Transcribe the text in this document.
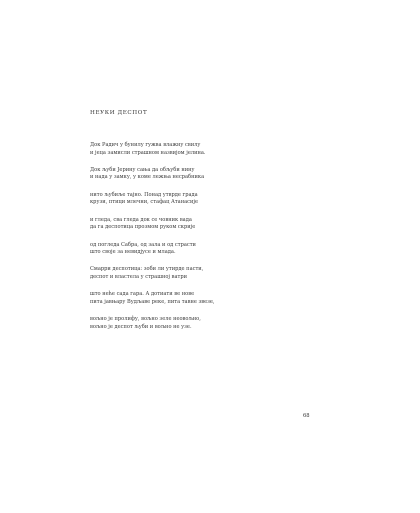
НЕУКИ ДЕСПОТ
Док Радич у бунилу гужва влажну свилу
и јеца замисли страшном назвијом јелина.
Док љуби Јерину сања да обљуби нину
и нада у замку, у коме лежња несрабника
нито љубиље тајно. Понад утврде града
крузи, птици млечни, стафац Атанасије
и гледа, сва гледа док се човник вада
да га деспотица прозмом руком скрије
од погледа Сабра, од зала и од страсти
што своје за невидјусе и млада.
Смарри деспотица: зоби ли утирде пасти,
деспот и властела у страшној ватри
што неће сада гара. А дотиати ве нове
пита јавњару Вудљаве реке, пита тавне звезе,
вољно је пролифу, вољно зеле неовољно,
вољно је деспот љуби и вољно не узе.
68
